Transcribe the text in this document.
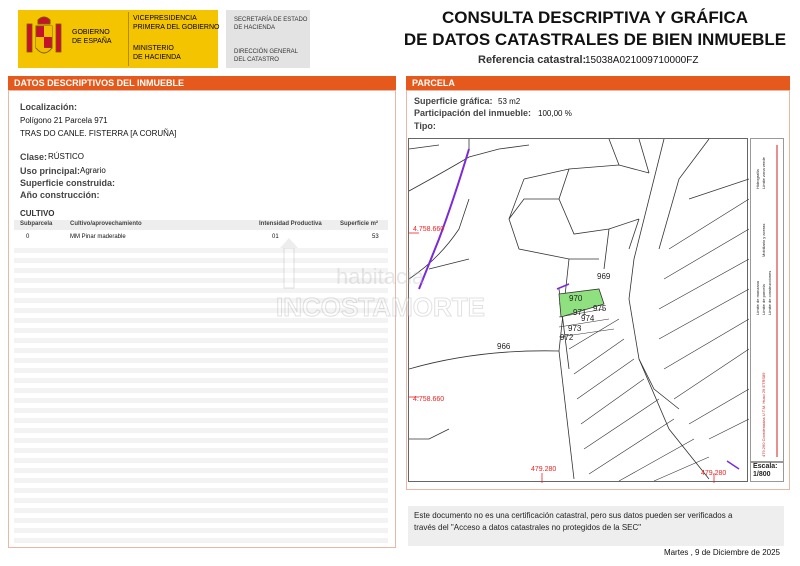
GOBIERNO
DE ESPAÑA
VICEPRESIDENCIA
PRIMERA DEL GOBIERNO
MINISTERIO
DE HACIENDA
SECRETARÍA DE ESTADO
DE HACIENDA
DIRECCIÓN GENERAL
DEL CATASTRO
CONSULTA DESCRIPTIVA Y GRÁFICA
DE DATOS CATASTRALES DE BIEN INMUEBLE
Referencia catastral:
15038A021009710000FZ
DATOS DESCRIPTIVOS DEL INMUEBLE
Localización:
Polígono 21 Parcela 971
TRAS DO CANLE. FISTERRA [A CORUÑA]
Clase: RÚSTICO
Uso principal: Agrario
Superficie construida:
Año construcción:
CULTIVO
Subparcela	Cultivo/aprovechamiento	Intensidad Productiva	Superficie m²
0	MM Pinar maderable	01	53
PARCELA
Superficie gráfica: 53 m2
Participación del inmueble: 100,00 %
Tipo:
4.758.660
4.758.660
479.280
479.280
966
969
970
971
974
975
973
972
Límite de manzana Límite de parcela Límite de construcciones
Mobiliario y aceras
Límite zona verde
Hidrografía
479.260 Coordenadas U.T.M. Huso 29 ETRS89
Escala:
1/800
habitacia
INCOSTAMORTE
Este documento no es una certificación catastral, pero sus datos pueden ser verificados a
través del "Acceso a datos catastrales no protegidos de la SEC"
Martes , 9 de Diciembre de 2025
